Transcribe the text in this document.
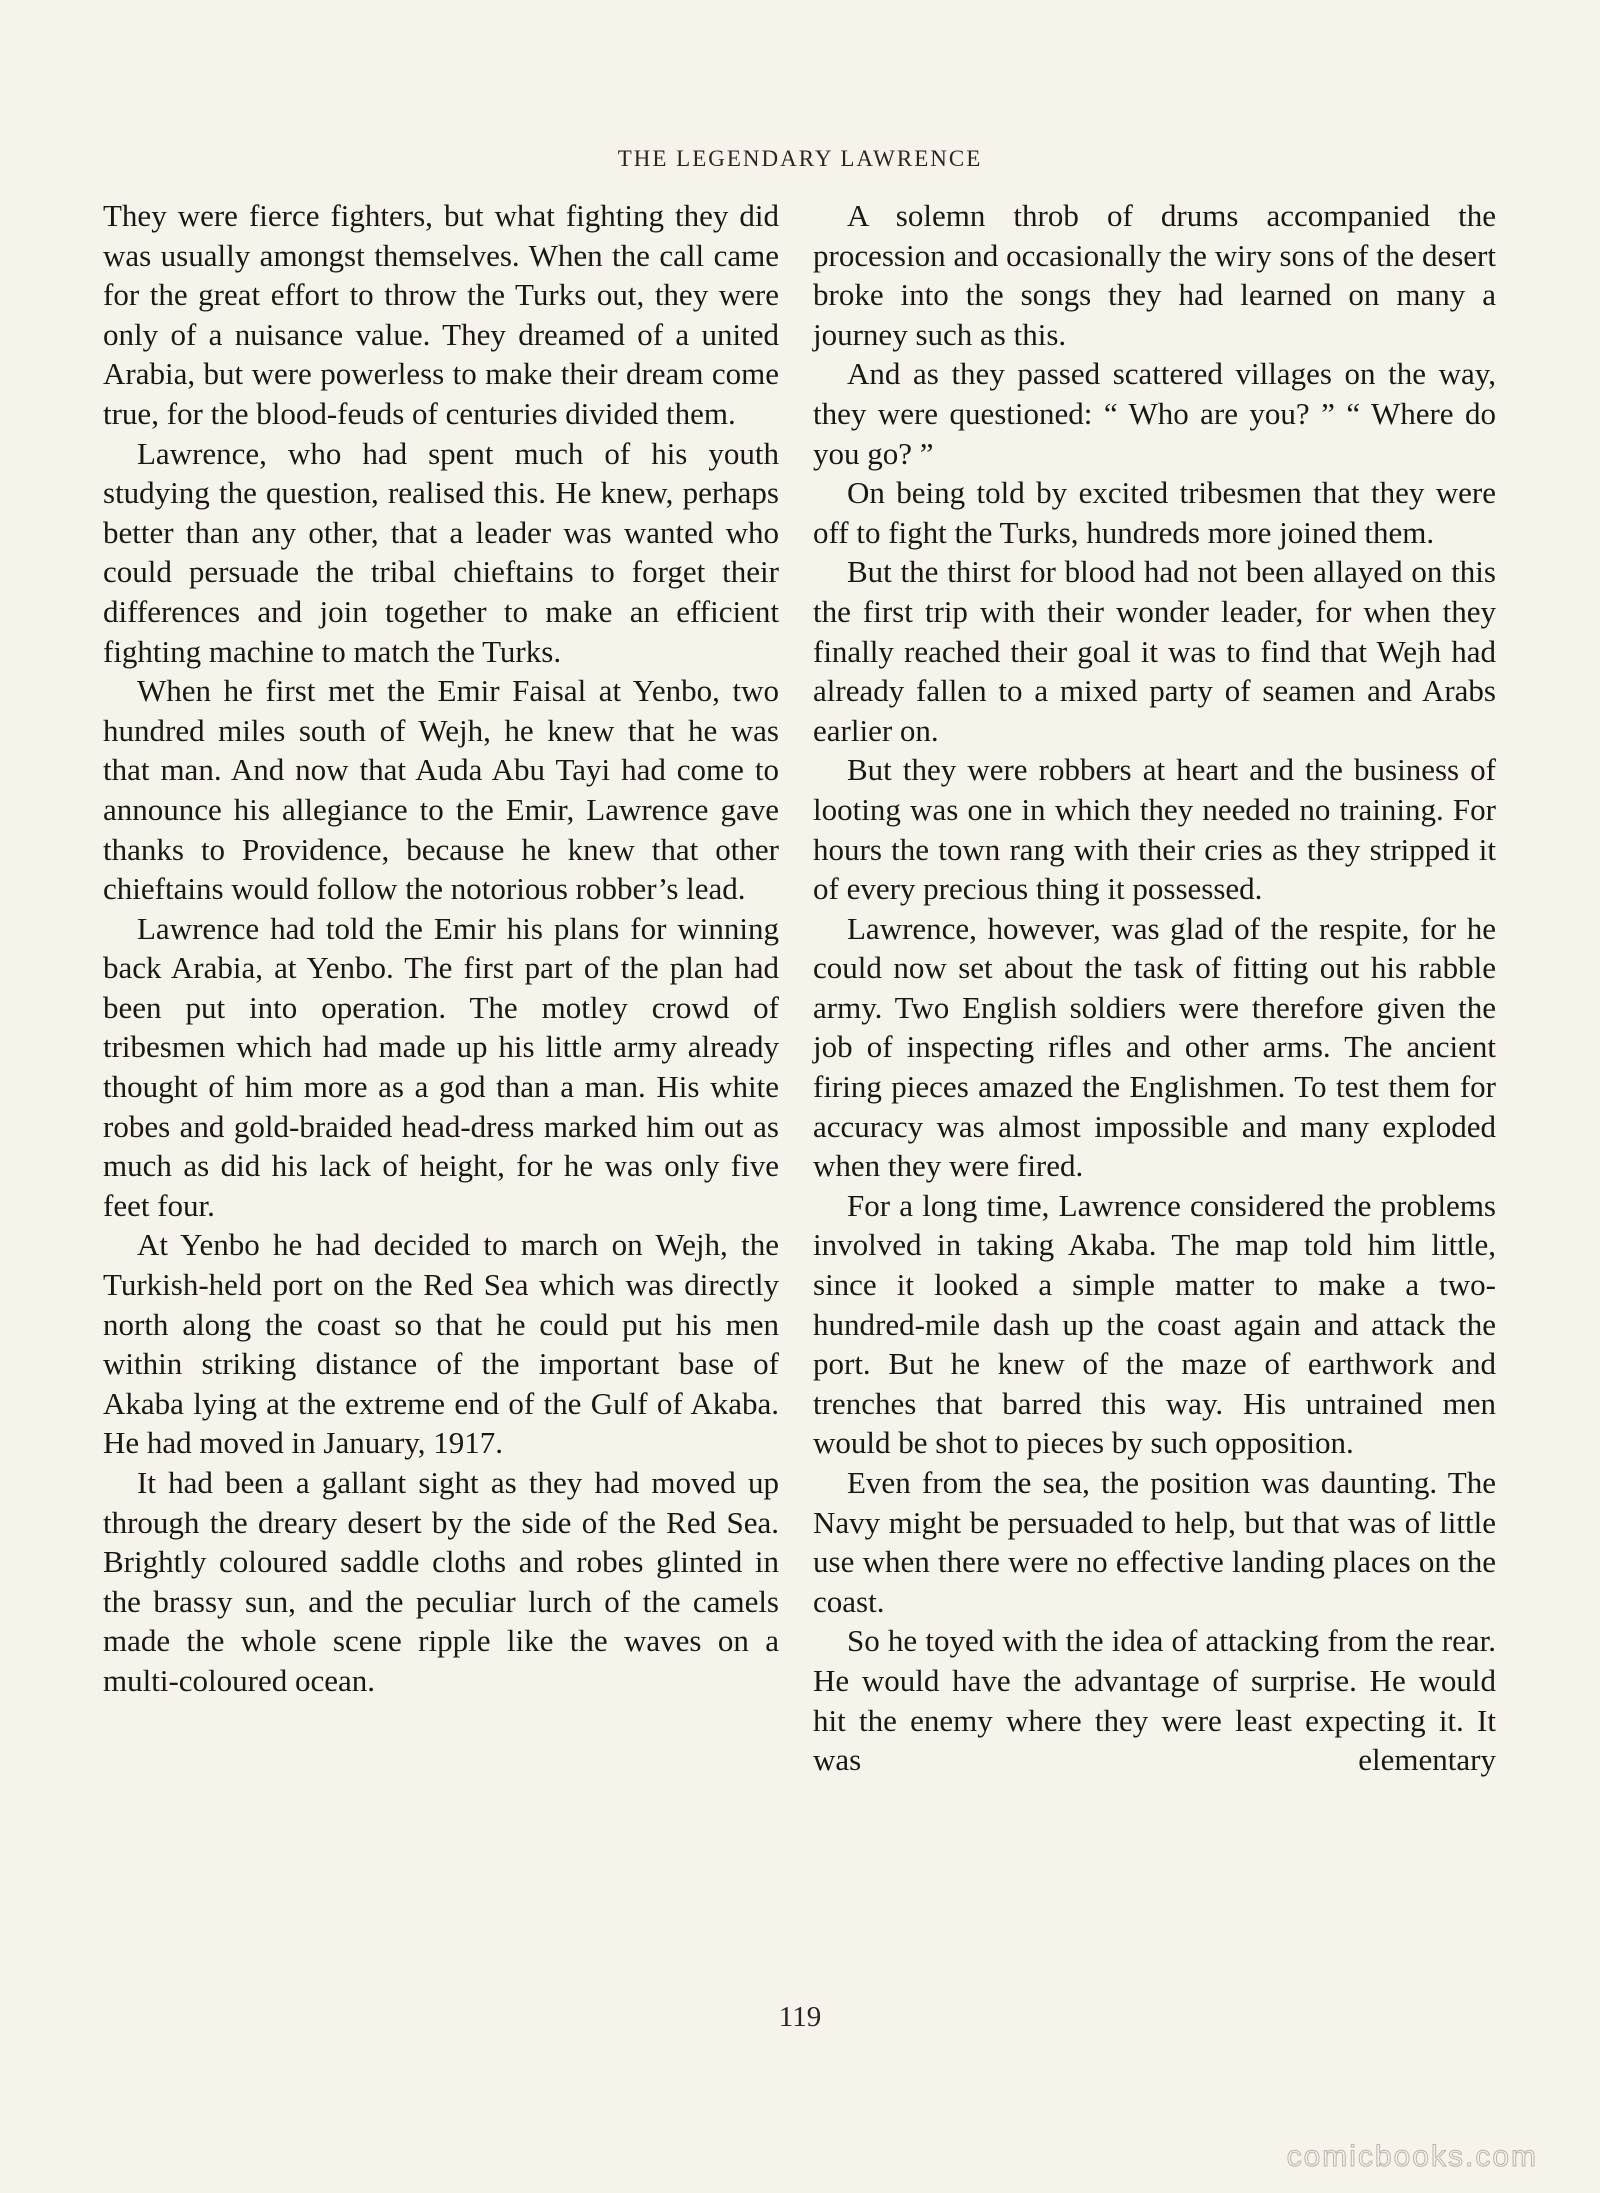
THE LEGENDARY LAWRENCE

They were fierce fighters, but what fighting they did was usually amongst themselves. When the call came for the great effort to throw the Turks out, they were only of a nuisance value. They dreamed of a united Arabia, but were powerless to make their dream come true, for the blood-feuds of centuries divided them.

Lawrence, who had spent much of his youth studying the question, realised this. He knew, perhaps better than any other, that a leader was wanted who could persuade the tribal chieftains to forget their differences and join together to make an efficient fighting machine to match the Turks.

When he first met the Emir Faisal at Yenbo, two hundred miles south of Wejh, he knew that he was that man. And now that Auda Abu Tayi had come to announce his allegiance to the Emir, Lawrence gave thanks to Providence, because he knew that other chieftains would follow the notorious robber’s lead.

Lawrence had told the Emir his plans for winning back Arabia, at Yenbo. The first part of the plan had been put into operation. The motley crowd of tribesmen which had made up his little army already thought of him more as a god than a man. His white robes and gold-braided head-dress marked him out as much as did his lack of height, for he was only five feet four.

At Yenbo he had decided to march on Wejh, the Turkish-held port on the Red Sea which was directly north along the coast so that he could put his men within striking distance of the important base of Akaba lying at the extreme end of the Gulf of Akaba. He had moved in January, 1917.

It had been a gallant sight as they had moved up through the dreary desert by the side of the Red Sea. Brightly coloured saddle cloths and robes glinted in the brassy sun, and the peculiar lurch of the camels made the whole scene ripple like the waves on a multi-coloured ocean.

A solemn throb of drums accompanied the procession and occasionally the wiry sons of the desert broke into the songs they had learned on many a journey such as this.

And as they passed scattered villages on the way, they were questioned: “ Who are you? ” “ Where do you go? ”

On being told by excited tribesmen that they were off to fight the Turks, hundreds more joined them.

But the thirst for blood had not been allayed on this the first trip with their wonder leader, for when they finally reached their goal it was to find that Wejh had already fallen to a mixed party of seamen and Arabs earlier on.

But they were robbers at heart and the business of looting was one in which they needed no training. For hours the town rang with their cries as they stripped it of every precious thing it possessed.

Lawrence, however, was glad of the respite, for he could now set about the task of fitting out his rabble army. Two English soldiers were therefore given the job of inspecting rifles and other arms. The ancient firing pieces amazed the Englishmen. To test them for accuracy was almost impossible and many exploded when they were fired.

For a long time, Lawrence considered the problems involved in taking Akaba. The map told him little, since it looked a simple matter to make a two-hundred-mile dash up the coast again and attack the port. But he knew of the maze of earthwork and trenches that barred this way. His untrained men would be shot to pieces by such opposition.

Even from the sea, the position was daunting. The Navy might be persuaded to help, but that was of little use when there were no effective landing places on the coast.

So he toyed with the idea of attacking from the rear. He would have the advantage of surprise. He would hit the enemy where they were least expecting it. It was elementary

119
comicbooks.com
